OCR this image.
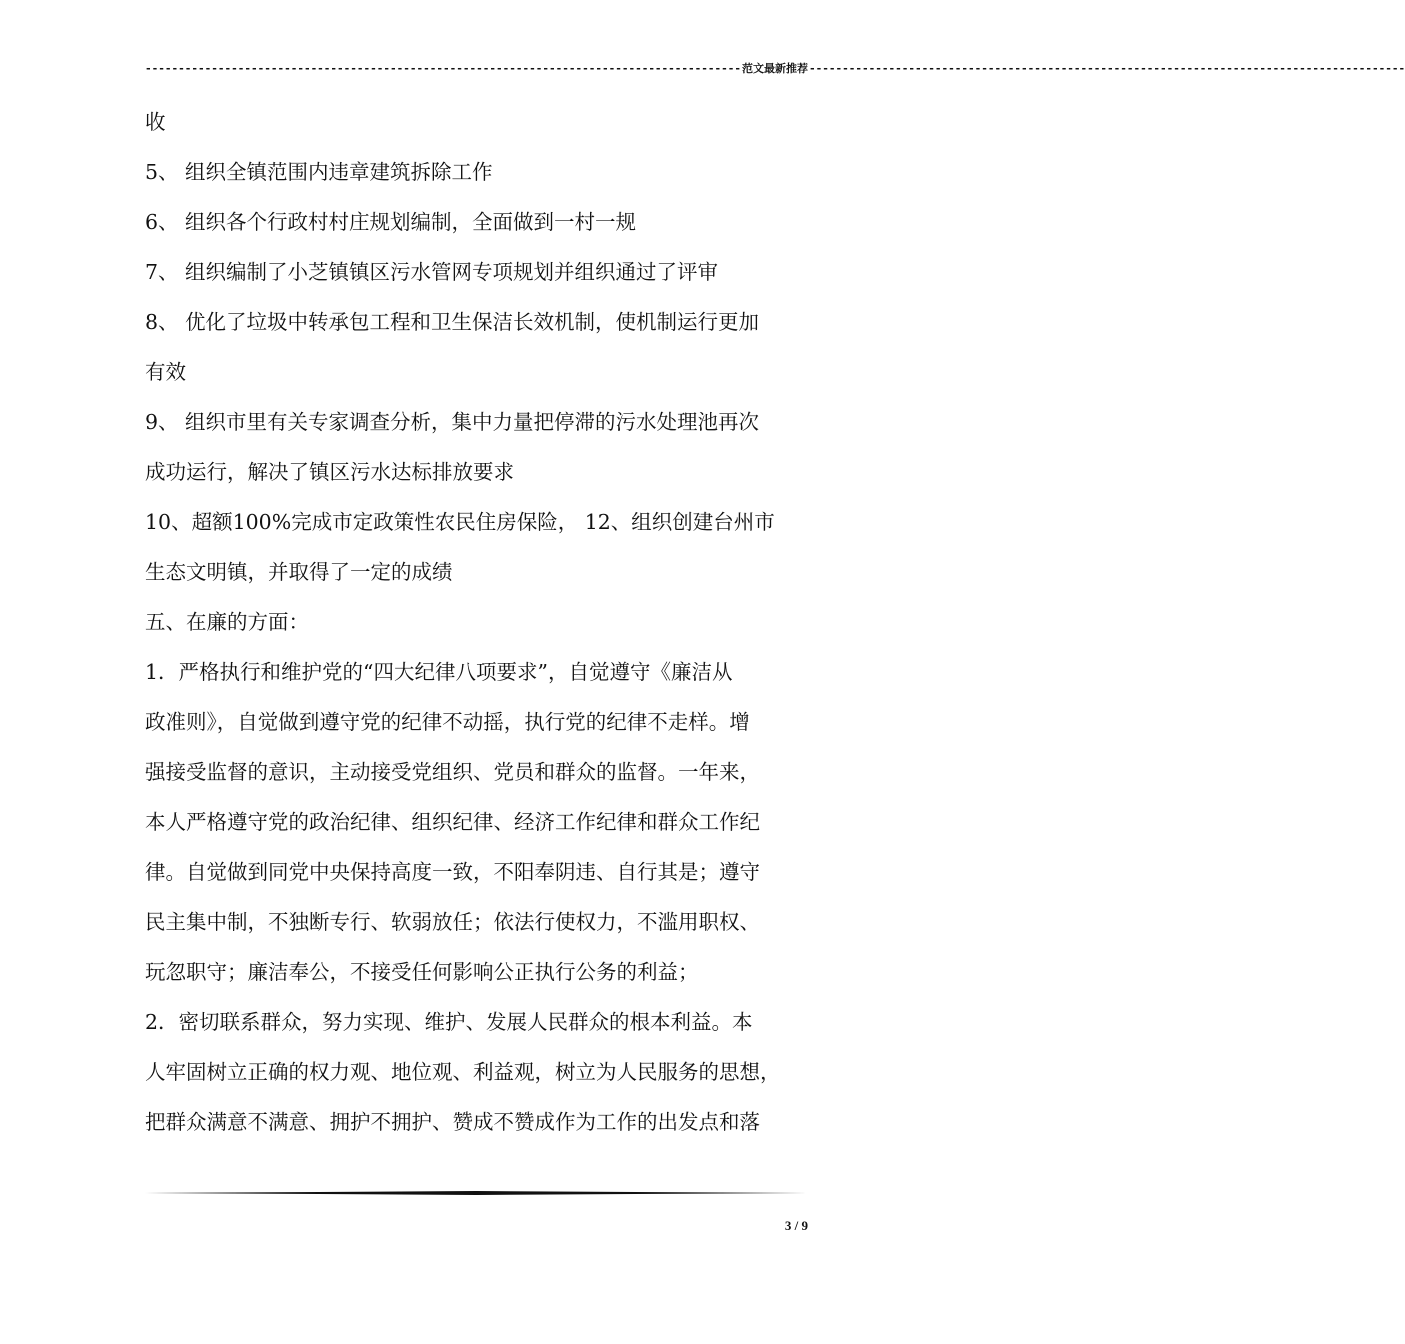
------------------------------------------------------------------------------------------ 范文最新推荐 ------------------------------------------------------------------------------------------
收
5、 组织全镇范围内违章建筑拆除工作
6、 组织各个行政村村庄规划编制，全面做到一村一规
7、 组织编制了小芝镇镇区污水管网专项规划并组织通过了评审
8、 优化了垃圾中转承包工程和卫生保洁长效机制，使机制运行更加
有效
9、 组织市里有关专家调查分析，集中力量把停滞的污水处理池再次
成功运行，解决了镇区污水达标排放要求
10、超额100%完成市定政策性农民住房保险， 12、组织创建台州市
生态文明镇，并取得了一定的成绩
五、在廉的方面：
1．严格执行和维护党的“四大纪律八项要求”，自觉遵守《廉洁从
政准则》，自觉做到遵守党的纪律不动摇，执行党的纪律不走样。增
强接受监督的意识，主动接受党组织、党员和群众的监督。一年来，
本人严格遵守党的政治纪律、组织纪律、经济工作纪律和群众工作纪
律。自觉做到同党中央保持高度一致，不阳奉阴违、自行其是；遵守
民主集中制，不独断专行、软弱放任；依法行使权力，不滥用职权、
玩忽职守；廉洁奉公，不接受任何影响公正执行公务的利益；
2．密切联系群众，努力实现、维护、发展人民群众的根本利益。本
人牢固树立正确的权力观、地位观、利益观，树立为人民服务的思想，
把群众满意不满意、拥护不拥护、赞成不赞成作为工作的出发点和落
3 / 9
